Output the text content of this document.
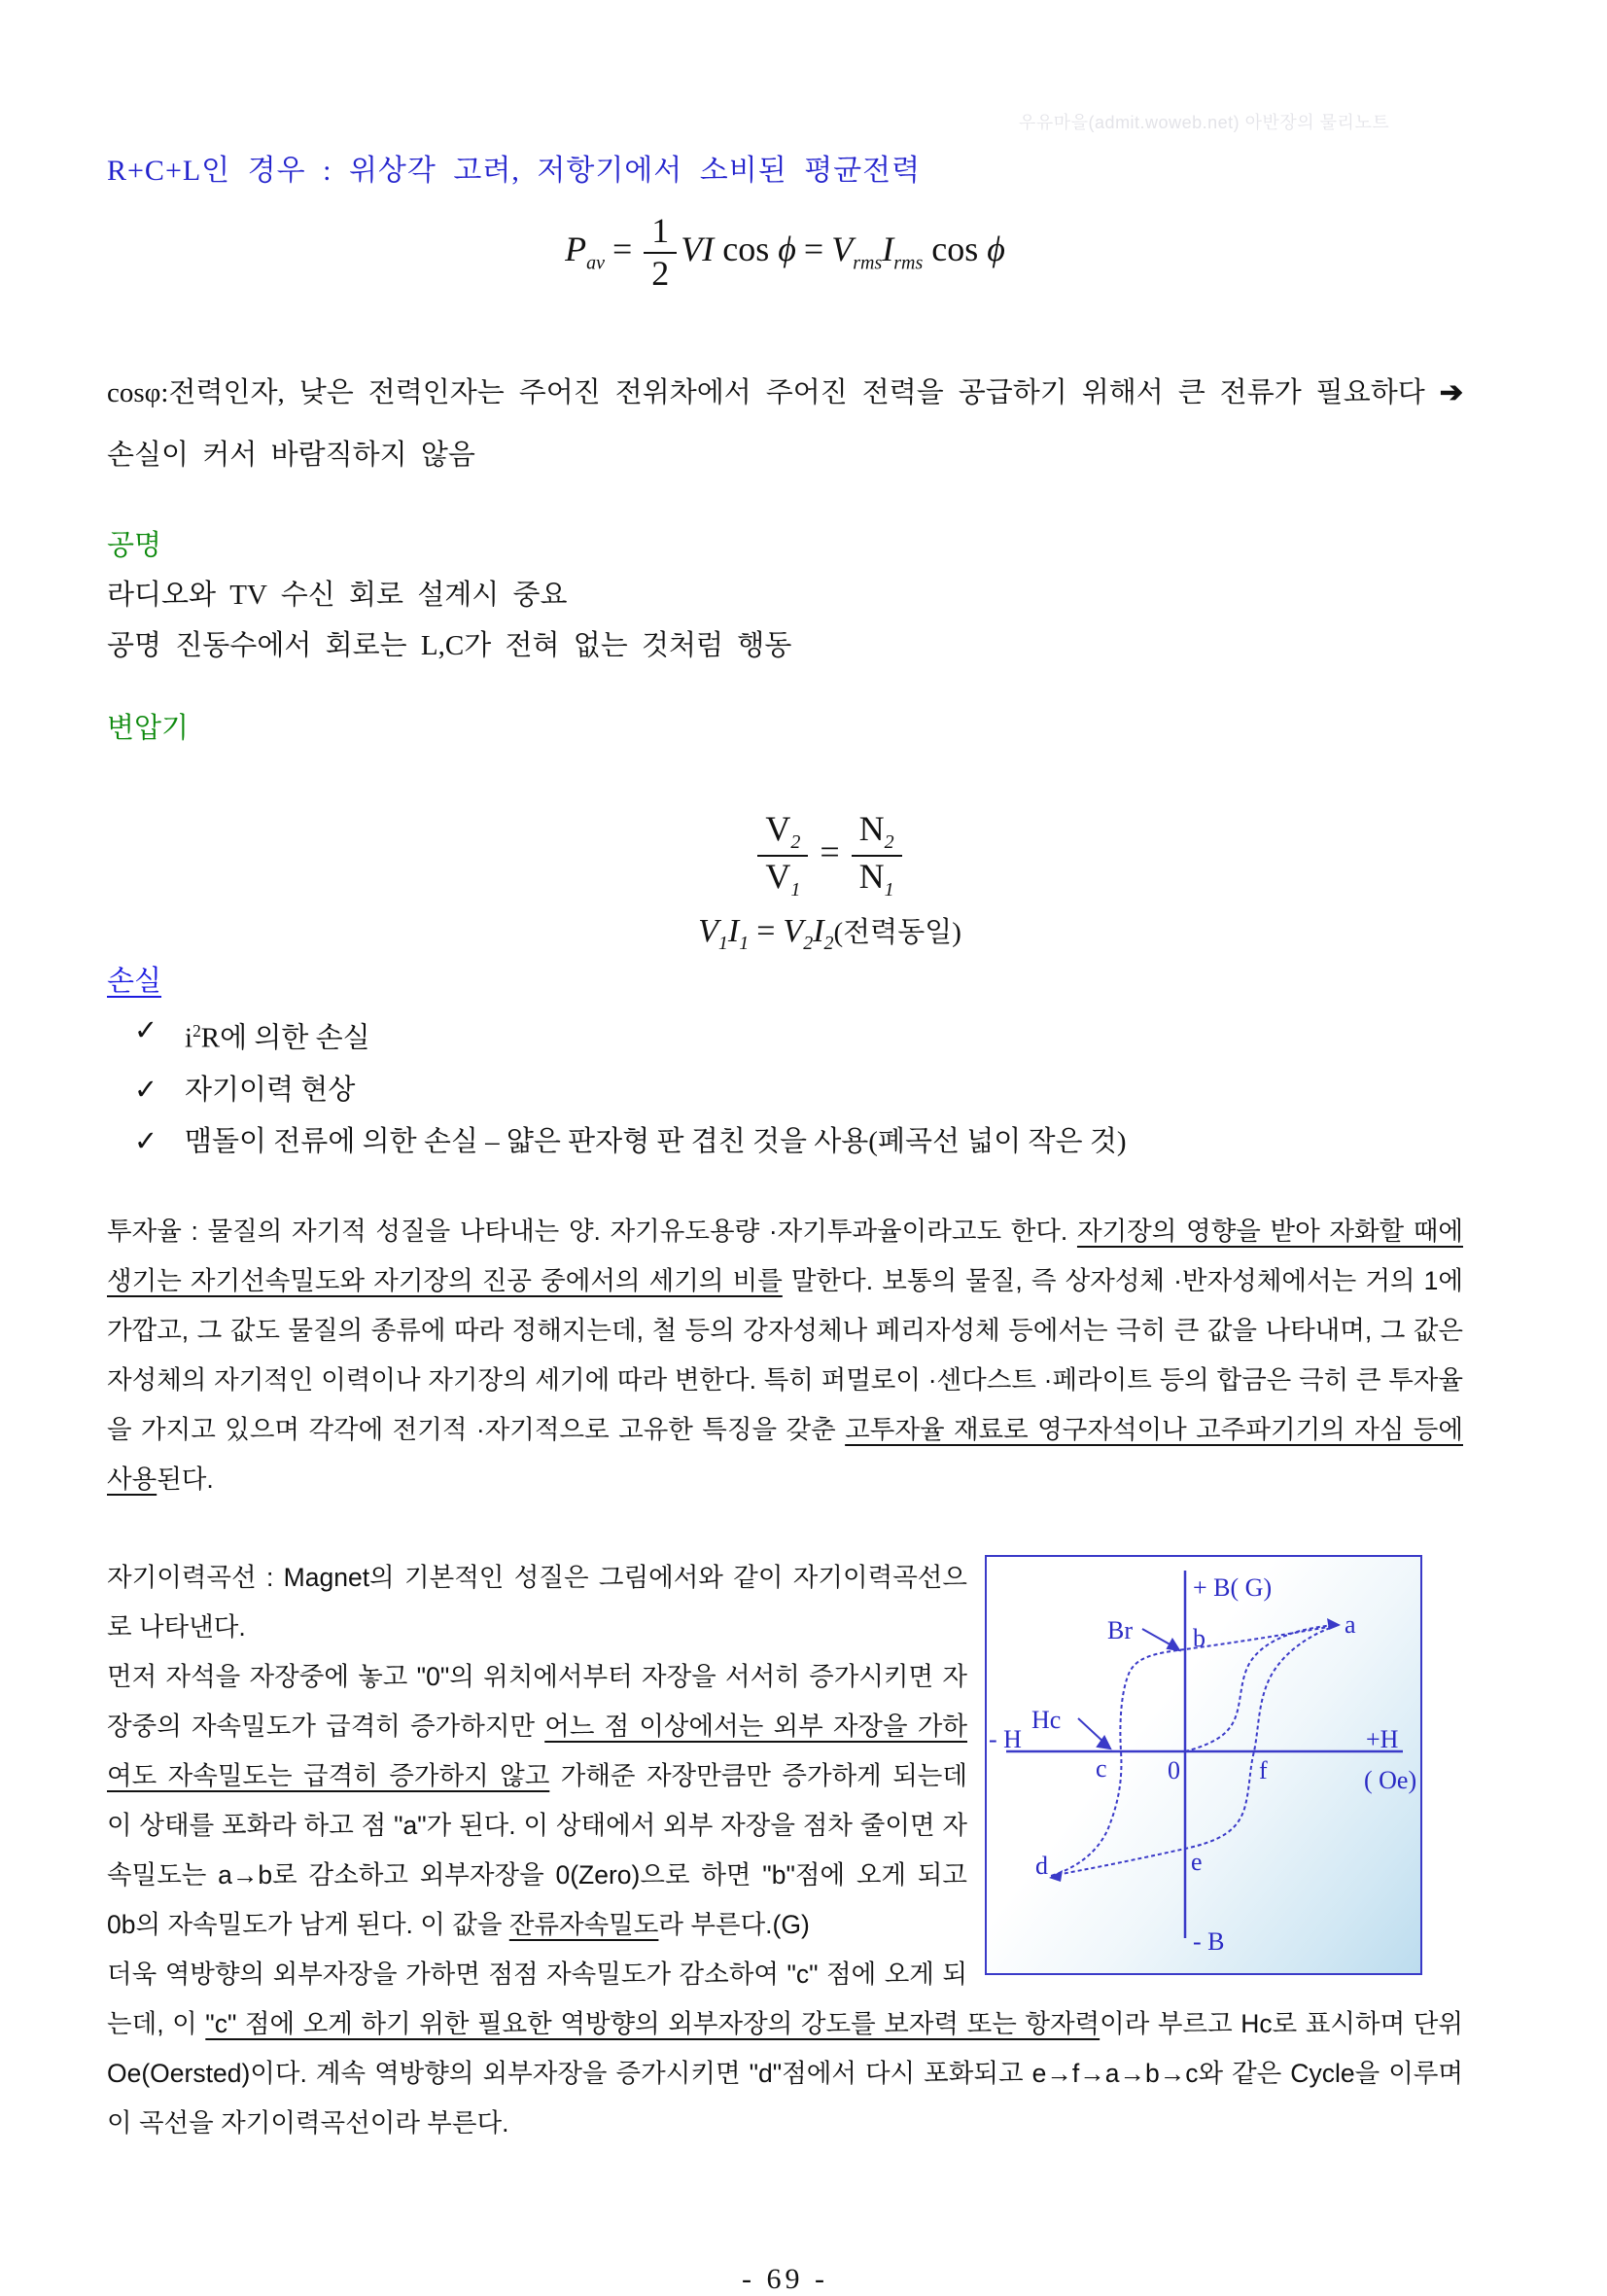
우유마을(admit.woweb.net) 아반장의 물리노트
R+C+L인 경우 : 위상각 고려, 저항기에서 소비된 평균전력
$P_{av} = \frac{1}{2}$ VI $\cos \phi = V_{rms}I_{rms}$ cos ϕ

cosφ:전력인자, 낮은 전력인자는 주어진 전위차에서 주어진 전력을 공급하기 위해서 큰 전류가 필요하다 ➔ 손실이 커서 바람직하지 않음

공명

라디오와 TV 수신 회로 설계시 중요

공명 진동수에서 회로는 L,C가 전혀 없는 것처럼 행동

변압기
$\frac{V_2}{V_1} = \frac{N_2}{N_1}$
$V_1I_1 = V_2I_2$(전력동일)
손실
✓ $i^2R$에 의한 손실
✓ 자기이력 현상
✓ 맴돌이 전류에 의한 손실 – 얇은 판자형 판 겹친 것을 사용(폐곡선 넓이 작은 것)

투자율 : 물질의 자기적 성질을 나타내는 양. 자기유도용량 ·자기투과율이라고도 한다. 자기장의 영향을 받아 자화할 때에 생기는 자기선속밀도와 자기장의 진공 중에서의 세기의 비를 말한다. 보통의 물질, 즉 상자성체 ·반자성체에서는 거의 1에 가깝고, 그 값도 물질의 종류에 따라 정해지는데, 철 등의 강자성체나 페리자성체 등에서는 극히 큰 값을 나타내며, 그 값은 자성체의 자기적인 이력이나 자기장의 세기에 따라 변한다. 특히 퍼멀로이 ·센다스트 ·페라이트 등의 합금은 극히 큰 투자율을 가지고 있으며 각각에 전기적 ·자기적으로 고유한 특징을 갖춘 고투자율 재료로 영구자석이나 고주파기기의 자심 등에 사용된다.

+ B( G)
- B
- H	+H
( Oe)
0
a
b
c
d	e
f
Br
Hc

자기이력곡선 : Magnet의 기본적인 성질은 그림에서와 같이 자기이력곡선으로 나타낸다.

먼저 자석을 자장중에 놓고 "0"의 위치에서부터 자장을 서서히 증가시키면 자장중의 자속밀도가 급격히 증가하지만 어느 점 이상에서는 외부 자장을 가하여도 자속밀도는 급격히 증가하지 않고 가해준 자장만큼만 증가하게 되는데 이 상태를 포화라 하고 점 "a"가 된다. 이 상태에서 외부 자장을 점차 줄이면 자속밀도는 a→b로 감소하고 외부자장을 0(Zero)으로 하면 "b"점에 오게 되고 0b의 자속밀도가 남게 된다. 이 값을 잔류자속밀도라 부른다.(G)

더욱 역방향의 외부자장을 가하면 점점 자속밀도가 감소하여 "c" 점에 오게 되는데, 이 "c" 점에 오게 하기 위한 필요한 역방향의 외부자장의 강도를 보자력 또는 항자력이라 부르고 Hc로 표시하며 단위 Oe(Oersted)이다. 계속 역방향의 외부자장을 증가시키면 "d"점에서 다시 포화되고 e→f→a→b→c와 같은 Cycle을 이루며 이 곡선을 자기이력곡선이라 부른다.

- 69 -
